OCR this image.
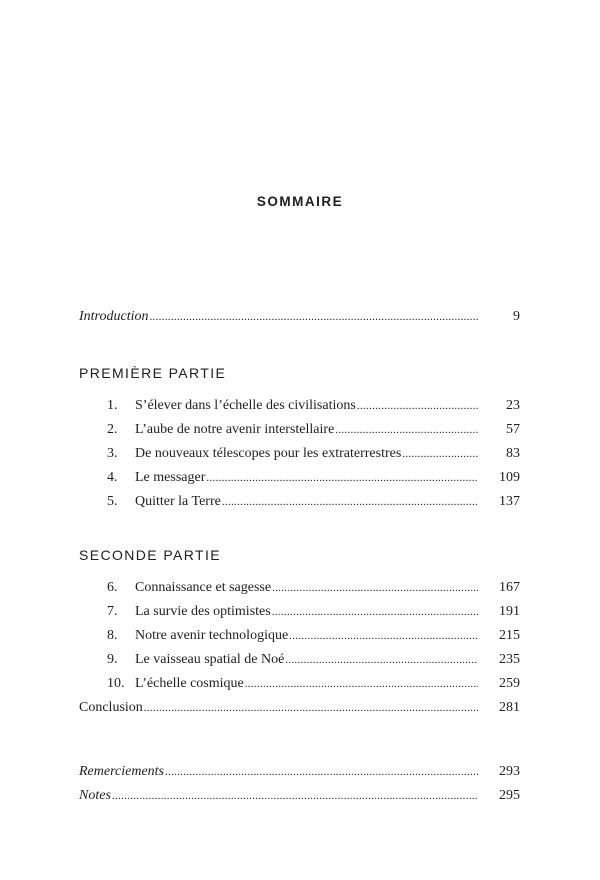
SOMMAIRE
Introduction .....	9
PREMIÈRE PARTIE
1. S’élever dans l’échelle des civilisations .....	23
2. L’aube de notre avenir interstellaire .....	57
3. De nouveaux télescopes pour les extraterrestres .....	83
4. Le messager .....	109
5. Quitter la Terre .....	137
SECONDE PARTIE
6. Connaissance et sagesse .....	167
7. La survie des optimistes .....	191
8. Notre avenir technologique .....	215
9. Le vaisseau spatial de Noé .....	235
10. L’échelle cosmique .....	259
Conclusion .....	281
Remerciements .....	293
Notes .....	295
